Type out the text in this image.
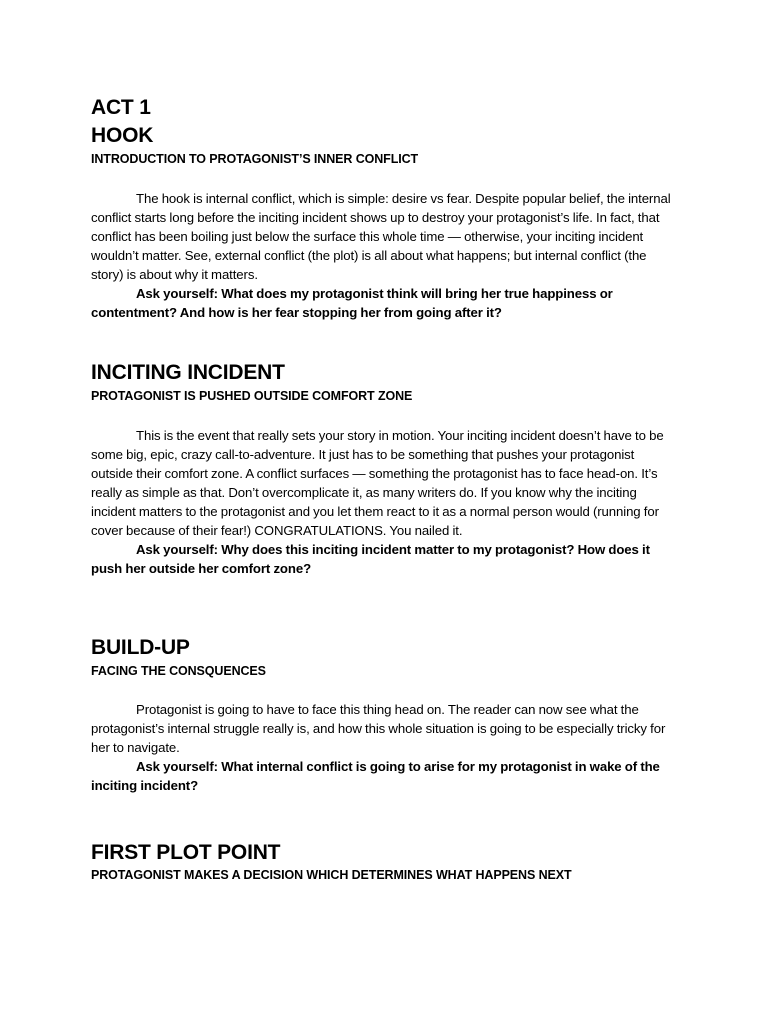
ACT 1
HOOK
INTRODUCTION TO PROTAGONIST’S INNER CONFLICT

The hook is internal conflict, which is simple: desire vs fear. Despite popular belief, the internal conflict starts long before the inciting incident shows up to destroy your protagonist’s life. In fact, that conflict has been boiling just below the surface this whole time — otherwise, your inciting incident wouldn’t matter. See, external conflict (the plot) is all about what happens; but internal conflict (the story) is about why it matters.

Ask yourself: What does my protagonist think will bring her true happiness or contentment? And how is her fear stopping her from going after it?

INCITING INCIDENT
PROTAGONIST IS PUSHED OUTSIDE COMFORT ZONE

This is the event that really sets your story in motion. Your inciting incident doesn’t have to be some big, epic, crazy call-to-adventure. It just has to be something that pushes your protagonist outside their comfort zone. A conflict surfaces — something the protagonist has to face head-on. It’s really as simple as that. Don’t overcomplicate it, as many writers do. If you know why the inciting incident matters to the protagonist and you let them react to it as a normal person would (running for cover because of their fear!) CONGRATULATIONS. You nailed it.

Ask yourself: Why does this inciting incident matter to my protagonist? How does it push her outside her comfort zone?

BUILD-UP
FACING THE CONSQUENCES

Protagonist is going to have to face this thing head on. The reader can now see what the protagonist’s internal struggle really is, and how this whole situation is going to be especially tricky for her to navigate.

Ask yourself: What internal conflict is going to arise for my protagonist in wake of the inciting incident?

FIRST PLOT POINT
PROTAGONIST MAKES A DECISION WHICH DETERMINES WHAT HAPPENS NEXT
